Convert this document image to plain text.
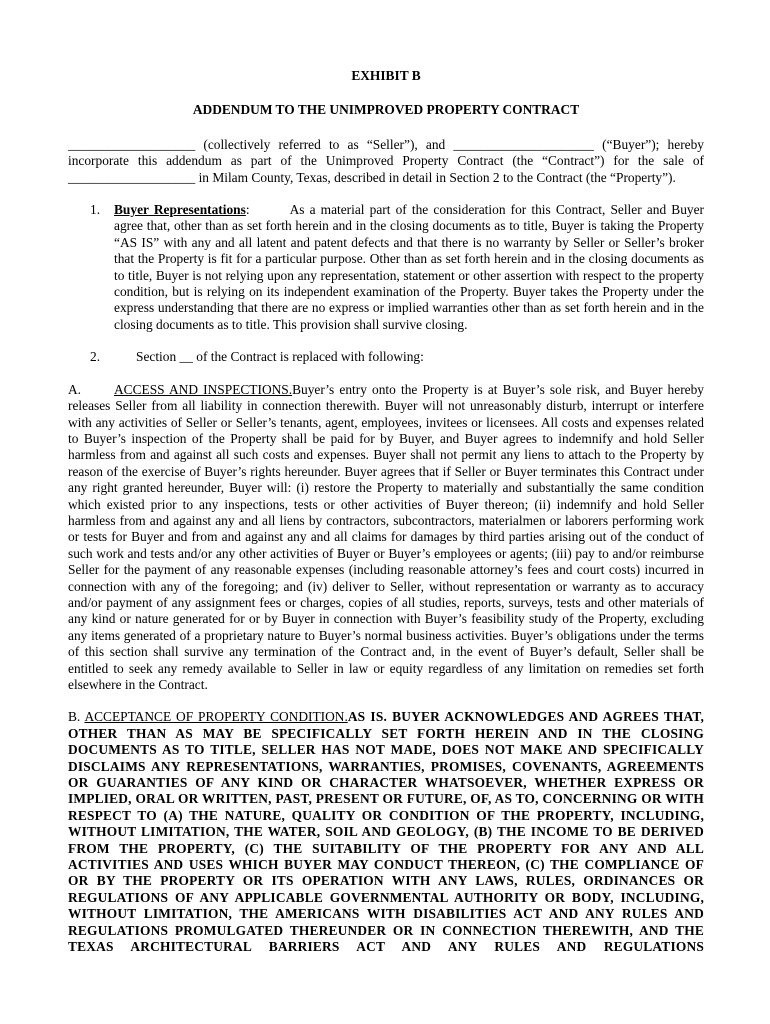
EXHIBIT B

ADDENDUM TO THE UNIMPROVED PROPERTY CONTRACT

___________________ (collectively referred to as “Seller”), and _____________________ (“Buyer”); hereby incorporate this addendum as part of the Unimproved Property Contract (the “Contract”) for the sale of ___________________ in Milam County, Texas, described in detail in Section 2 to the Contract (the “Property”).

1. Buyer Representations:	As a material part of the consideration for this Contract, Seller and Buyer agree that, other than as set forth herein and in the closing documents as to title, Buyer is taking the Property “AS IS” with any and all latent and patent defects and that there is no warranty by Seller or Seller’s broker that the Property is fit for a particular purpose. Other than as set forth herein and in the closing documents as to title, Buyer is not relying upon any representation, statement or other assertion with respect to the property condition, but is relying on its independent examination of the Property. Buyer takes the Property under the express understanding that there are no express or implied warranties other than as set forth herein and in the closing documents as to title. This provision shall survive closing.

2.	Section __ of the Contract is replaced with following:

A. ACCESS AND INSPECTIONS.Buyer’s entry onto the Property is at Buyer’s sole risk, and Buyer hereby releases Seller from all liability in connection therewith. Buyer will not unreasonably disturb, interrupt or interfere with any activities of Seller or Seller’s tenants, agent, employees, invitees or licensees. All costs and expenses related to Buyer’s inspection of the Property shall be paid for by Buyer, and Buyer agrees to indemnify and hold Seller harmless from and against all such costs and expenses. Buyer shall not permit any liens to attach to the Property by reason of the exercise of Buyer’s rights hereunder. Buyer agrees that if Seller or Buyer terminates this Contract under any right granted hereunder, Buyer will: (i) restore the Property to materially and substantially the same condition which existed prior to any inspections, tests or other activities of Buyer thereon; (ii) indemnify and hold Seller harmless from and against any and all liens by contractors, subcontractors, materialmen or laborers performing work or tests for Buyer and from and against any and all claims for damages by third parties arising out of the conduct of such work and tests and/or any other activities of Buyer or Buyer’s employees or agents; (iii) pay to and/or reimburse Seller for the payment of any reasonable expenses (including reasonable attorney’s fees and court costs) incurred in connection with any of the foregoing; and (iv) deliver to Seller, without representation or warranty as to accuracy and/or payment of any assignment fees or charges, copies of all studies, reports, surveys, tests and other materials of any kind or nature generated for or by Buyer in connection with Buyer’s feasibility study of the Property, excluding any items generated of a proprietary nature to Buyer’s normal business activities. Buyer’s obligations under the terms of this section shall survive any termination of the Contract and, in the event of Buyer’s default, Seller shall be entitled to seek any remedy available to Seller in law or equity regardless of any limitation on remedies set forth elsewhere in the Contract.

B. ACCEPTANCE OF PROPERTY CONDITION.AS IS. BUYER ACKNOWLEDGES AND AGREES THAT, OTHER THAN AS MAY BE SPECIFICALLY SET FORTH HEREIN AND IN THE CLOSING DOCUMENTS AS TO TITLE, SELLER HAS NOT MADE, DOES NOT MAKE AND SPECIFICALLY DISCLAIMS ANY REPRESENTATIONS, WARRANTIES, PROMISES, COVENANTS, AGREEMENTS OR GUARANTIES OF ANY KIND OR CHARACTER WHATSOEVER, WHETHER EXPRESS OR IMPLIED, ORAL OR WRITTEN, PAST, PRESENT OR FUTURE, OF, AS TO, CONCERNING OR WITH RESPECT TO (A) THE NATURE, QUALITY OR CONDITION OF THE PROPERTY, INCLUDING, WITHOUT LIMITATION, THE WATER, SOIL AND GEOLOGY, (B) THE INCOME TO BE DERIVED FROM THE PROPERTY, (C) THE SUITABILITY OF THE PROPERTY FOR ANY AND ALL ACTIVITIES AND USES WHICH BUYER MAY CONDUCT THEREON, (C) THE COMPLIANCE OF OR BY THE PROPERTY OR ITS OPERATION WITH ANY LAWS, RULES, ORDINANCES OR REGULATIONS OF ANY APPLICABLE GOVERNMENTAL AUTHORITY OR BODY, INCLUDING, WITHOUT LIMITATION, THE AMERICANS WITH DISABILITIES ACT AND ANY RULES AND REGULATIONS PROMULGATED THEREUNDER OR IN CONNECTION THEREWITH, AND THE TEXAS ARCHITECTURAL BARRIERS ACT AND ANY RULES AND REGULATIONS
